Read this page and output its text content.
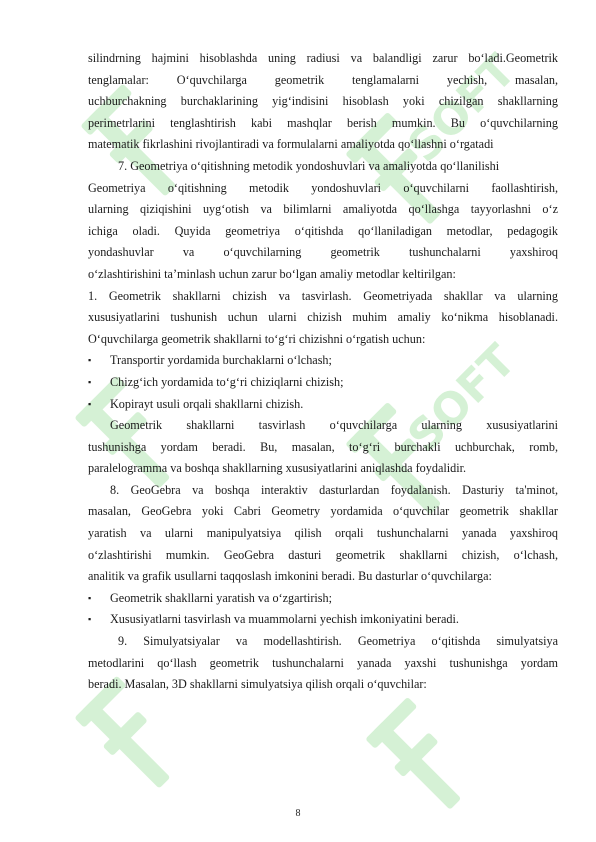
SOFT
SOFT
silindrning hajmini hisoblashda uning radiusi va balandligi zarur bo‘ladi.Geometrik
tenglamalar: O‘quvchilarga geometrik tenglamalarni yechish, masalan,
uchburchakning burchaklarining yig‘indisini hisoblash yoki chizilgan shakllarning
perimetrlarini tenglashtirish kabi mashqlar berish mumkin. Bu o‘quvchilarning
matematik fikrlashini rivojlantiradi va formulalarni amaliyotda qo‘llashni o‘rgatadi
7. Geometriya o‘qitishning metodik yondoshuvlari va amaliyotda qo‘llanilishi
Geometriya o‘qitishning metodik yondoshuvlari o‘quvchilarni faollashtirish,
ularning qiziqishini uyg‘otish va bilimlarni amaliyotda qo‘llashga tayyorlashni o‘z
ichiga oladi. Quyida geometriya o‘qitishda qo‘llaniladigan metodlar, pedagogik
yondashuvlar va o‘quvchilarning geometrik tushunchalarni yaxshiroq
o‘zlashtirishini ta’minlash uchun zarur bo‘lgan amaliy metodlar keltirilgan:
1. Geometrik shakllarni chizish va tasvirlash. Geometriyada shakllar va ularning
xususiyatlarini tushunish uchun ularni chizish muhim amaliy ko‘nikma hisoblanadi.
O‘quvchilarga geometrik shakllarni to‘g‘ri chizishni o‘rgatish uchun:
▪ Transportir yordamida burchaklarni o‘lchash;
▪ Chizg‘ich yordamida to‘g‘ri chiziqlarni chizish;
▪ Kopirayt usuli orqali shakllarni chizish.
Geometrik shakllarni tasvirlash o‘quvchilarga ularning xususiyatlarini
tushunishga yordam beradi. Bu, masalan, to‘g‘ri burchakli uchburchak, romb,
paralelogramma va boshqa shakllarning xususiyatlarini aniqlashda foydalidir.
8. GeoGebra va boshqa interaktiv dasturlardan foydalanish. Dasturiy ta'minot,
masalan, GeoGebra yoki Cabri Geometry yordamida o‘quvchilar geometrik shakllar
yaratish va ularni manipulyatsiya qilish orqali tushunchalarni yanada yaxshiroq
o‘zlashtirishi mumkin. GeoGebra dasturi geometrik shakllarni chizish, o‘lchash,
analitik va grafik usullarni taqqoslash imkonini beradi. Bu dasturlar o‘quvchilarga:
▪ Geometrik shakllarni yaratish va o‘zgartirish;
▪ Xususiyatlarni tasvirlash va muammolarni yechish imkoniyatini beradi.
9. Simulyatsiyalar va modellashtirish. Geometriya o‘qitishda simulyatsiya
metodlarini qo‘llash geometrik tushunchalarni yanada yaxshi tushunishga yordam
beradi. Masalan, 3D shakllarni simulyatsiya qilish orqali o‘quvchilar:
8
